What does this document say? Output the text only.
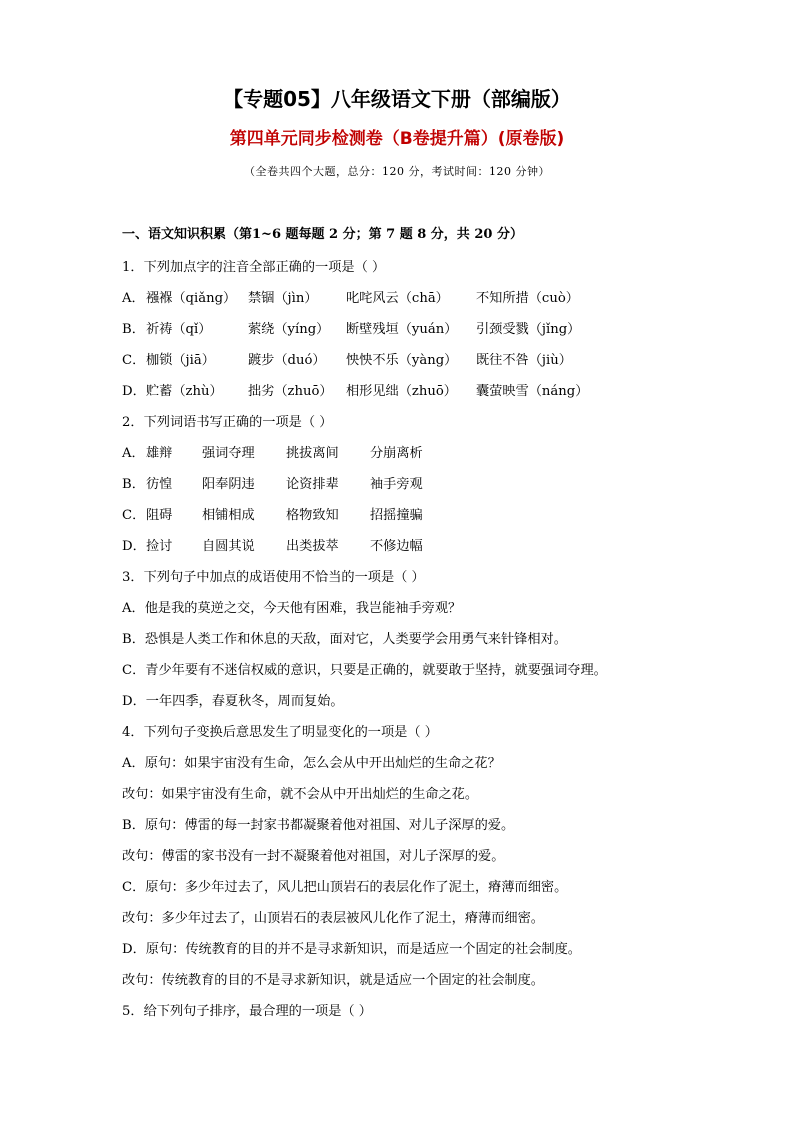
【专题05】八年级语文下册（部编版）
第四单元同步检测卷（B卷提升篇）(原卷版)
（全卷共四个大题，总分：120 分，考试时间：120 分钟）
一、语文知识积累（第1~6 题每题 2 分；第 7 题 8 分，共 20 分）
1．下列加点字的注音全部正确的一项是（ ）
A． 襁褓（qiǎng） 禁锢（jìn）	叱咤风云（chā）	不知所措（cuò）
B． 祈祷（qǐ）	萦绕（yíng）	断壁残垣（yuán）	引颈受戮（jǐng）
C． 枷锁（jiā）	踱步（duó）	怏怏不乐（yàng）	既往不咎（jiù）
D． 贮蓄（zhù）	拙劣（zhuō）	相形见绌（zhuō）	囊萤映雪（náng）
2．下列词语书写正确的一项是（ ）
A． 雄辩	强词夺理	挑拔离间	分崩离析
B． 彷惶	阳奉阴违	论资排辈	袖手旁观
C． 阻碍	相铺相成	格物致知	招摇撞骗
D． 捡讨	自圆其说	出类拔萃	不修边幅
3．下列句子中加点的成语使用不恰当的一项是（ ）
A．他是我的莫逆之交，今天他有困难，我岂能袖手旁观？
B．恐惧是人类工作和休息的天敌，面对它，人类要学会用勇气来针锋相对。
C．青少年要有不迷信权威的意识，只要是正确的，就要敢于坚持，就要强词夺理。
D．一年四季，春夏秋冬，周而复始。
4．下列句子变换后意思发生了明显变化的一项是（ ）
A．原句：如果宇宙没有生命，怎么会从中开出灿烂的生命之花？
改句：如果宇宙没有生命，就不会从中开出灿烂的生命之花。
B．原句：傅雷的每一封家书都凝聚着他对祖国、对儿子深厚的爱。
改句：傅雷的家书没有一封不凝聚着他对祖国，对儿子深厚的爱。
C．原句：多少年过去了，风儿把山顶岩石的表层化作了泥土，瘠薄而细密。
改句：多少年过去了，山顶岩石的表层被风儿化作了泥土，瘠薄而细密。
D．原句：传统教育的目的并不是寻求新知识，而是适应一个固定的社会制度。
改句：传统教育的目的不是寻求新知识，就是适应一个固定的社会制度。
5．给下列句子排序，最合理的一项是（ ）
